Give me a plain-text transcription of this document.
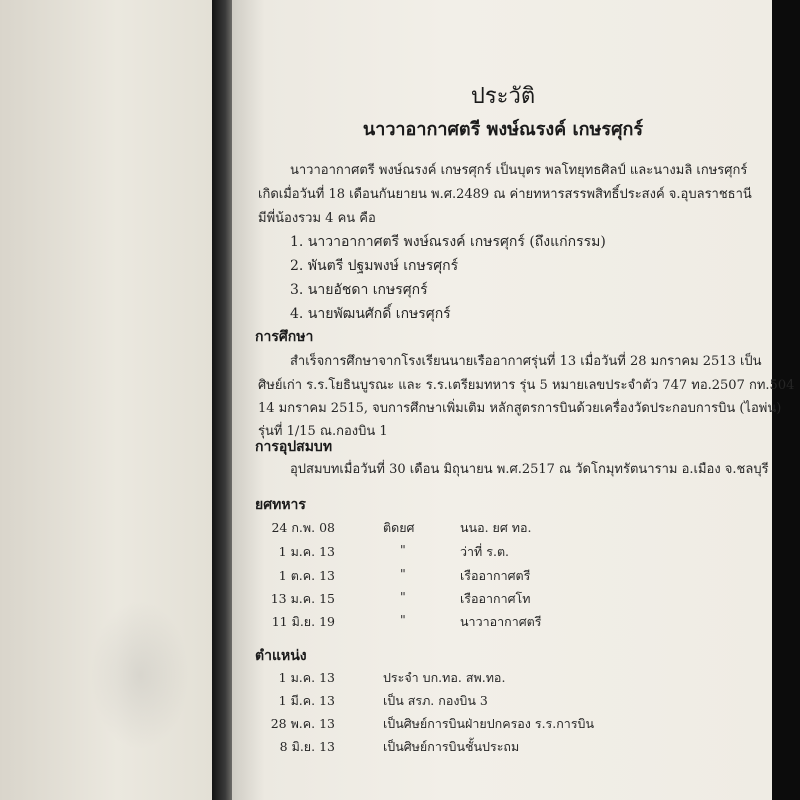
ประวัติ
นาวาอากาศตรี พงษ์ณรงค์ เกษรศุกร์
นาวาอากาศตรี พงษ์ณรงค์ เกษรศุกร์ เป็นบุตร พลโทยุทธศิลป์ และนางมลิ เกษรศุกร์
เกิดเมื่อวันที่ 18 เดือนกันยายน พ.ศ.2489 ณ ค่ายทหารสรรพสิทธิ์ประสงค์ จ.อุบลราชธานี
มีพี่น้องรวม 4 คน คือ
1. นาวาอากาศตรี พงษ์ณรงค์ เกษรศุกร์ (ถึงแก่กรรม)
2. พันตรี ปฐมพงษ์ เกษรศุกร์
3. นายอัชดา เกษรศุกร์
4. นายพัฒนศักดิ์ เกษรศุกร์
การศึกษา
สำเร็จการศึกษาจากโรงเรียนนายเรืออากาศรุ่นที่ 13 เมื่อวันที่ 28 มกราคม 2513 เป็น
ศิษย์เก่า ร.ร.โยธินบูรณะ และ ร.ร.เตรียมทหาร รุ่น 5 หมายเลขประจำตัว 747 ทอ.2507 กท.504
14 มกราคม 2515, จบการศึกษาเพิ่มเติม หลักสูตรการบินด้วยเครื่องวัดประกอบการบิน (ไอพ่น)
รุ่นที่ 1/15 ณ.กองบิน 1
การอุปสมบท
อุปสมบทเมื่อวันที่ 30 เดือน มิถุนายน พ.ศ.2517 ณ วัดโกมุทรัตนาราม อ.เมือง จ.ชลบุรี
ยศทหาร
24 ก.พ. 08	ติดยศ	นนอ. ยศ ทอ.
1 ม.ค. 13	"	ว่าที่ ร.ต.
1 ต.ค. 13	"	เรืออากาศตรี
13 ม.ค. 15	"	เรืออากาศโท
11 มิ.ย. 19	"	นาวาอากาศตรี
ตำแหน่ง
1 ม.ค. 13	ประจำ บก.ทอ. สพ.ทอ.
1 มี.ค. 13	เป็น สรภ. กองบิน 3
28 พ.ค. 13	เป็นศิษย์การบินฝ่ายปกครอง ร.ร.การบิน
8 มิ.ย. 13	เป็นศิษย์การบินชั้นประถม
